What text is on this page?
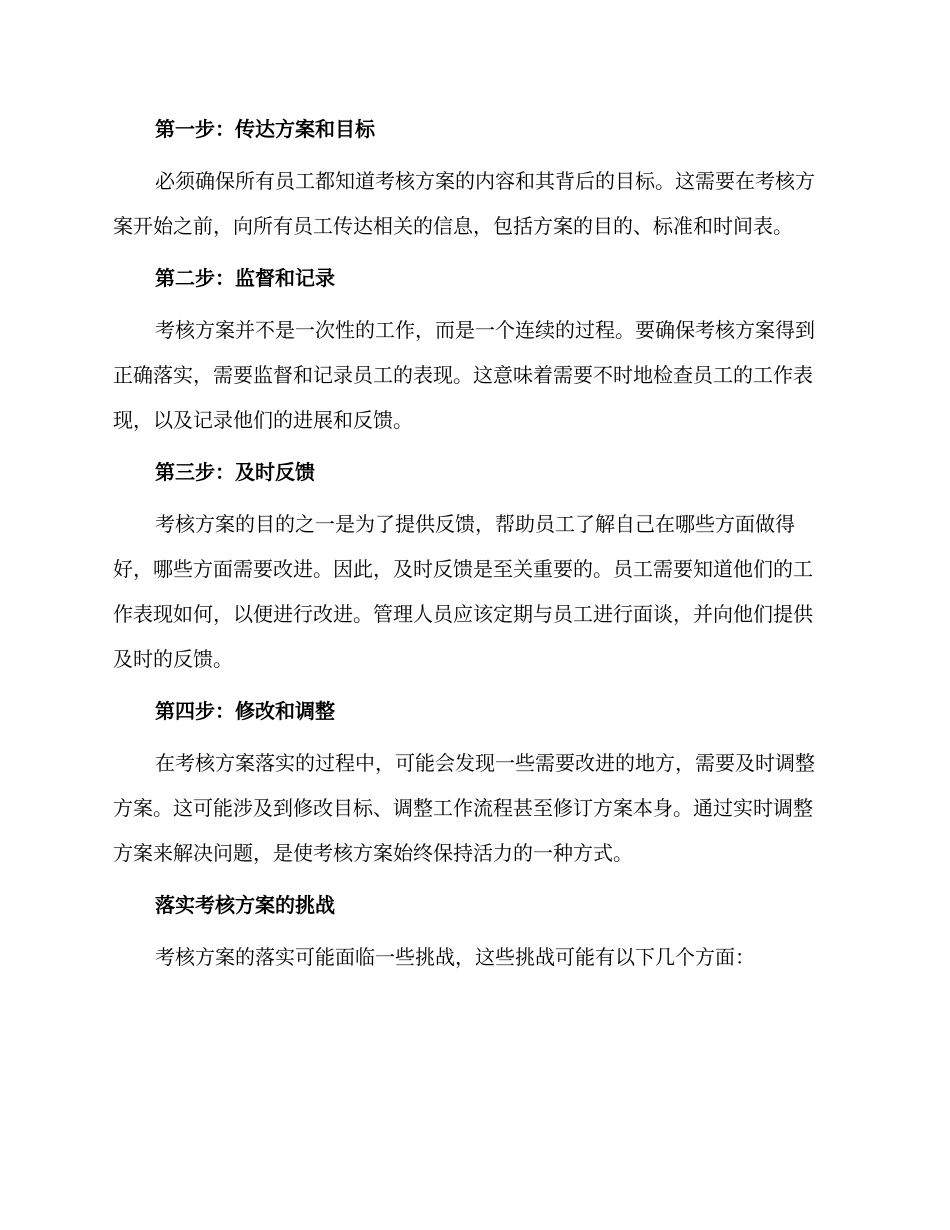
第一步：传达方案和目标

必须确保所有员工都知道考核方案的内容和其背后的目标。这需要在考核方案开始之前，向所有员工传达相关的信息，包括方案的目的、标准和时间表。

第二步：监督和记录

考核方案并不是一次性的工作，而是一个连续的过程。要确保考核方案得到正确落实，需要监督和记录员工的表现。这意味着需要不时地检查员工的工作表现，以及记录他们的进展和反馈。

第三步：及时反馈

考核方案的目的之一是为了提供反馈，帮助员工了解自己在哪些方面做得好，哪些方面需要改进。因此，及时反馈是至关重要的。员工需要知道他们的工作表现如何，以便进行改进。管理人员应该定期与员工进行面谈，并向他们提供及时的反馈。

第四步：修改和调整

在考核方案落实的过程中，可能会发现一些需要改进的地方，需要及时调整方案。这可能涉及到修改目标、调整工作流程甚至修订方案本身。通过实时调整方案来解决问题，是使考核方案始终保持活力的一种方式。

落实考核方案的挑战

考核方案的落实可能面临一些挑战，这些挑战可能有以下几个方面：
